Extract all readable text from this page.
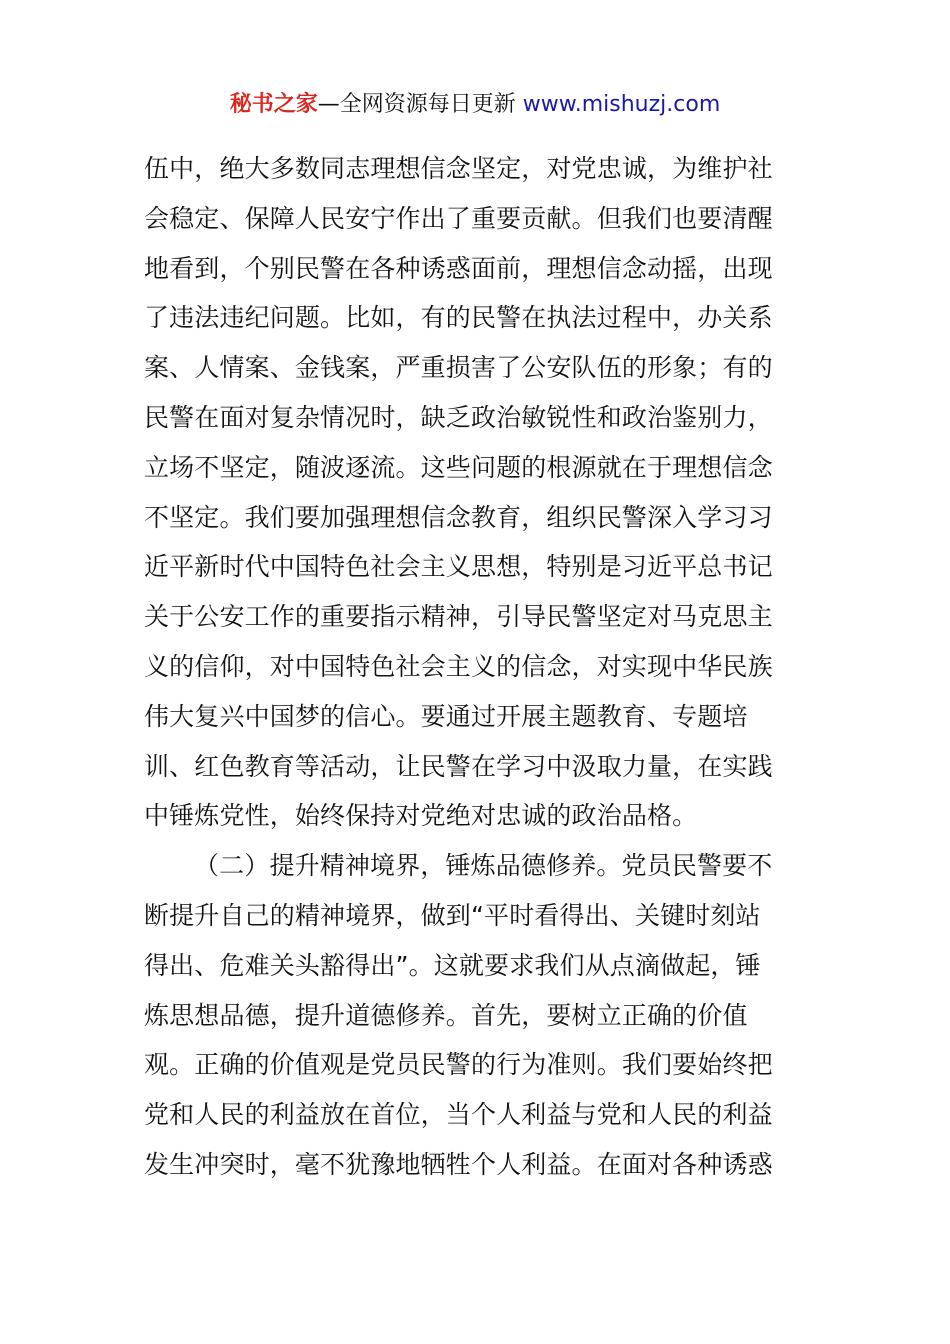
秘书之家—全网资源每日更新 www.mishuzj.com
伍中，绝大多数同志理想信念坚定，对党忠诚，为维护社
会稳定、保障人民安宁作出了重要贡献。但我们也要清醒
地看到，个别民警在各种诱惑面前，理想信念动摇，出现
了违法违纪问题。比如，有的民警在执法过程中，办关系
案、人情案、金钱案，严重损害了公安队伍的形象；有的
民警在面对复杂情况时，缺乏政治敏锐性和政治鉴别力，
立场不坚定，随波逐流。这些问题的根源就在于理想信念
不坚定。我们要加强理想信念教育，组织民警深入学习习
近平新时代中国特色社会主义思想，特别是习近平总书记
关于公安工作的重要指示精神，引导民警坚定对马克思主
义的信仰，对中国特色社会主义的信念，对实现中华民族
伟大复兴中国梦的信心。要通过开展主题教育、专题培
训、红色教育等活动，让民警在学习中汲取力量，在实践
中锤炼党性，始终保持对党绝对忠诚的政治品格。
（二）提升精神境界，锤炼品德修养。党员民警要不
断提升自己的精神境界，做到“平时看得出、关键时刻站
得出、危难关头豁得出”。这就要求我们从点滴做起，锤
炼思想品德，提升道德修养。首先，要树立正确的价值
观。正确的价值观是党员民警的行为准则。我们要始终把
党和人民的利益放在首位，当个人利益与党和人民的利益
发生冲突时，毫不犹豫地牺牲个人利益。在面对各种诱惑
